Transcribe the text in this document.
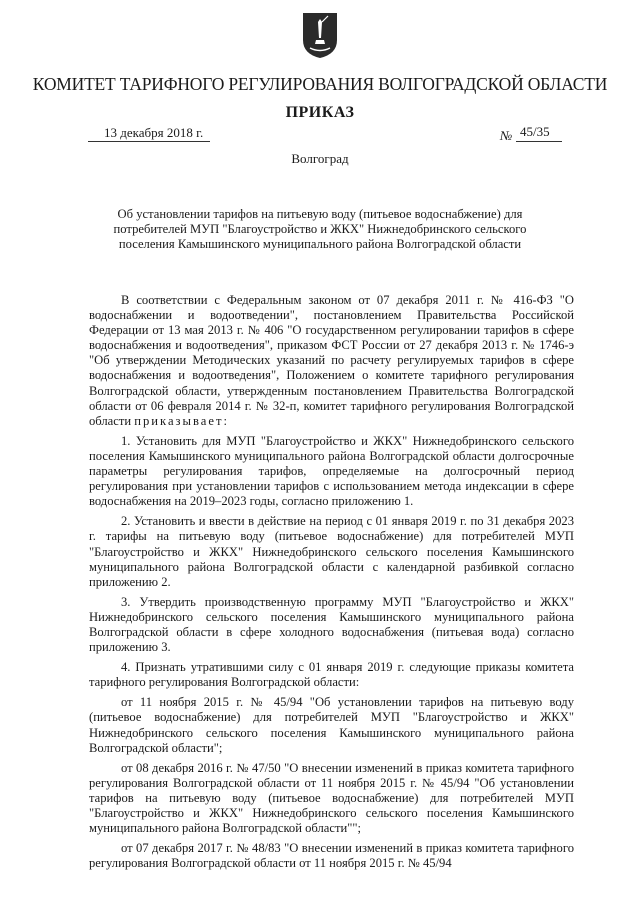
КОМИТЕТ ТАРИФНОГО РЕГУЛИРОВАНИЯ ВОЛГОГРАДСКОЙ ОБЛАСТИ
ПРИКАЗ
13 декабря 2018 г.	№ 45/35
Волгоград
Об установлении тарифов на питьевую воду (питьевое водоснабжение) для потребителей МУП "Благоустройство и ЖКХ" Нижнедобринского сельского поселения Камышинского муниципального района Волгоградской области

В соответствии с Федеральным законом от 07 декабря 2011 г. № 416-ФЗ "О водоснабжении и водоотведении", постановлением Правительства Российской Федерации от 13 мая 2013 г. № 406 "О государственном регулировании тарифов в сфере водоснабжения и водоотведения", приказом ФСТ России от 27 декабря 2013 г. № 1746-э "Об утверждении Методических указаний по расчету регулируемых тарифов в сфере водоснабжения и водоотведения", Положением о комитете тарифного регулирования Волгоградской области, утвержденным постановлением Правительства Волгоградской области от 06 февраля 2014 г. № 32-п, комитет тарифного регулирования Волгоградской области приказывает:

1. Установить для МУП "Благоустройство и ЖКХ" Нижнедобринского сельского поселения Камышинского муниципального района Волгоградской области долгосрочные параметры регулирования тарифов, определяемые на долгосрочный период регулирования при установлении тарифов с использованием метода индексации в сфере водоснабжения на 2019–2023 годы, согласно приложению 1.

2. Установить и ввести в действие на период с 01 января 2019 г. по 31 декабря 2023 г. тарифы на питьевую воду (питьевое водоснабжение) для потребителей МУП "Благоустройство и ЖКХ" Нижнедобринского сельского поселения Камышинского муниципального района Волгоградской области с календарной разбивкой согласно приложению 2.

3. Утвердить производственную программу МУП "Благоустройство и ЖКХ" Нижнедобринского сельского поселения Камышинского муниципального района Волгоградской области в сфере холодного водоснабжения (питьевая вода) согласно приложению 3.

4. Признать утратившими силу с 01 января 2019 г. следующие приказы комитета тарифного регулирования Волгоградской области:

от 11 ноября 2015 г. № 45/94 "Об установлении тарифов на питьевую воду (питьевое водоснабжение) для потребителей МУП "Благоустройство и ЖКХ" Нижнедобринского сельского поселения Камышинского муниципального района Волгоградской области";

от 08 декабря 2016 г. № 47/50 "О внесении изменений в приказ комитета тарифного регулирования Волгоградской области от 11 ноября 2015 г. № 45/94 "Об установлении тарифов на питьевую воду (питьевое водоснабжение) для потребителей МУП "Благоустройство и ЖКХ" Нижнедобринского сельского поселения Камышинского муниципального района Волгоградской области"";

от 07 декабря 2017 г. № 48/83 "О внесении изменений в приказ комитета тарифного регулирования Волгоградской области от 11 ноября 2015 г. № 45/94
